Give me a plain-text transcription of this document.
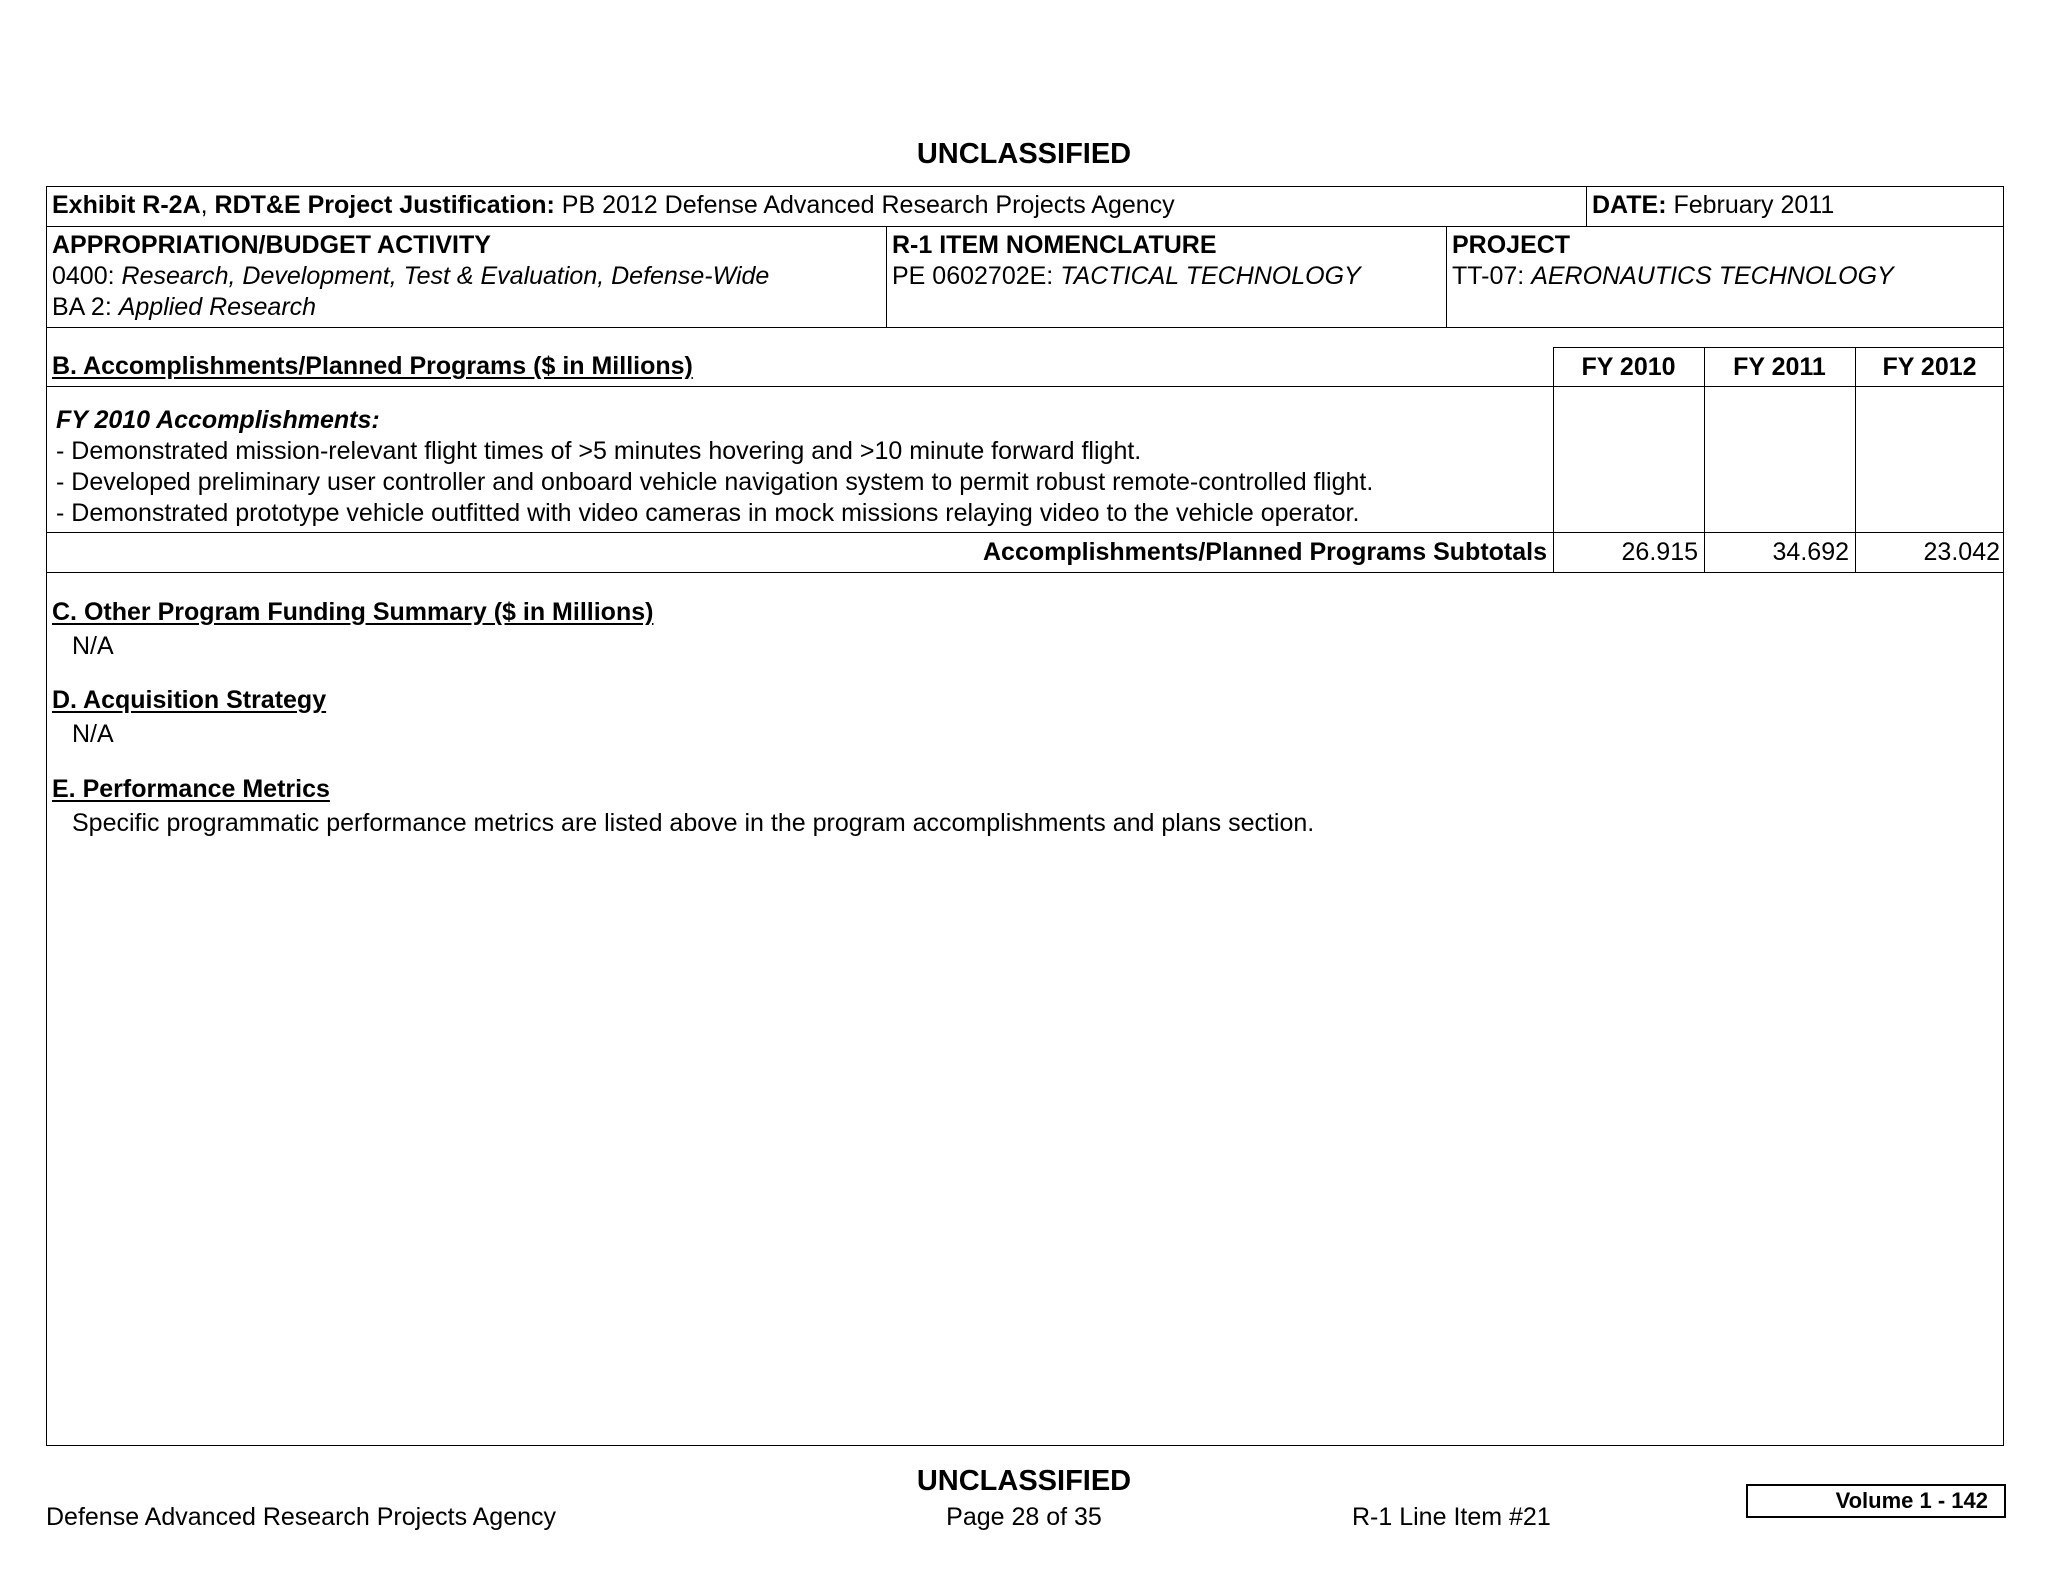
UNCLASSIFIED
Exhibit R-2A, RDT&E Project Justification: PB 2012 Defense Advanced Research Projects Agency	DATE: February 2011
APPROPRIATION/BUDGET ACTIVITY
0400: Research, Development, Test & Evaluation, Defense-Wide
BA 2: Applied Research
R-1 ITEM NOMENCLATURE
PE 0602702E: TACTICAL TECHNOLOGY
PROJECT
TT-07: AERONAUTICS TECHNOLOGY
B. Accomplishments/Planned Programs ($ in Millions)	FY 2010	FY 2011	FY 2012
FY 2010 Accomplishments:
- Demonstrated mission-relevant flight times of >5 minutes hovering and >10 minute forward flight.
- Developed preliminary user controller and onboard vehicle navigation system to permit robust remote-controlled flight.
- Demonstrated prototype vehicle outfitted with video cameras in mock missions relaying video to the vehicle operator.
Accomplishments/Planned Programs Subtotals	26.915	34.692	23.042
C. Other Program Funding Summary ($ in Millions)
N/A
D. Acquisition Strategy
N/A
E. Performance Metrics
Specific programmatic performance metrics are listed above in the program accomplishments and plans section.
UNCLASSIFIED
Defense Advanced Research Projects Agency	Page 28 of 35	R-1 Line Item #21
Volume 1 - 142
